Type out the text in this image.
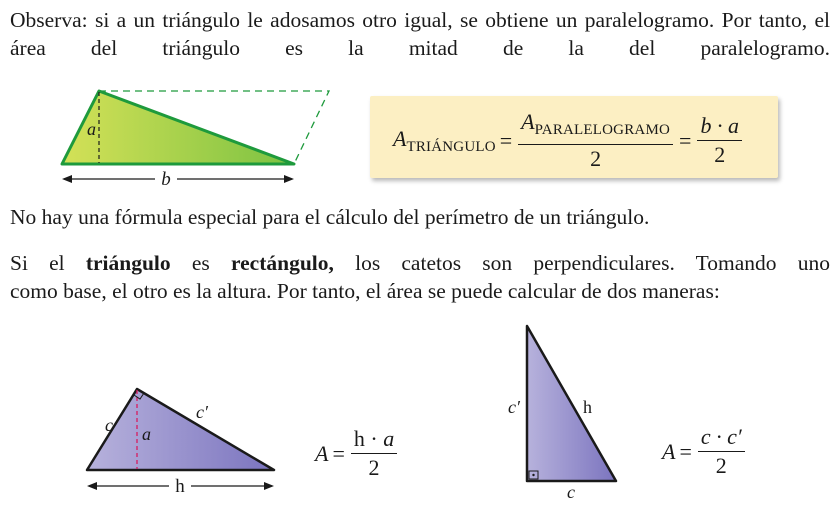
Observa: si a un triángulo le adosamos otro igual, se obtiene un paralelogramo. Por tanto, el área del triángulo es la mitad de la del paralelogramo.
a
b
$A_{TRIÁNGULO} = \frac{A_{PARALELOGRAMO}}{2} = \frac{b \cdot a}{2}$
No hay una fórmula especial para el cálculo del perímetro de un triángulo.
Si el triángulo es rectángulo, los catetos son perpendiculares. Tomando uno
como base, el otro es la altura. Por tanto, el área se puede calcular de dos maneras:
c
c′
a
h
$A = \frac{h \cdot a}{2}$
c′	h
c
$A = \frac{c \cdot c'}{2}$
